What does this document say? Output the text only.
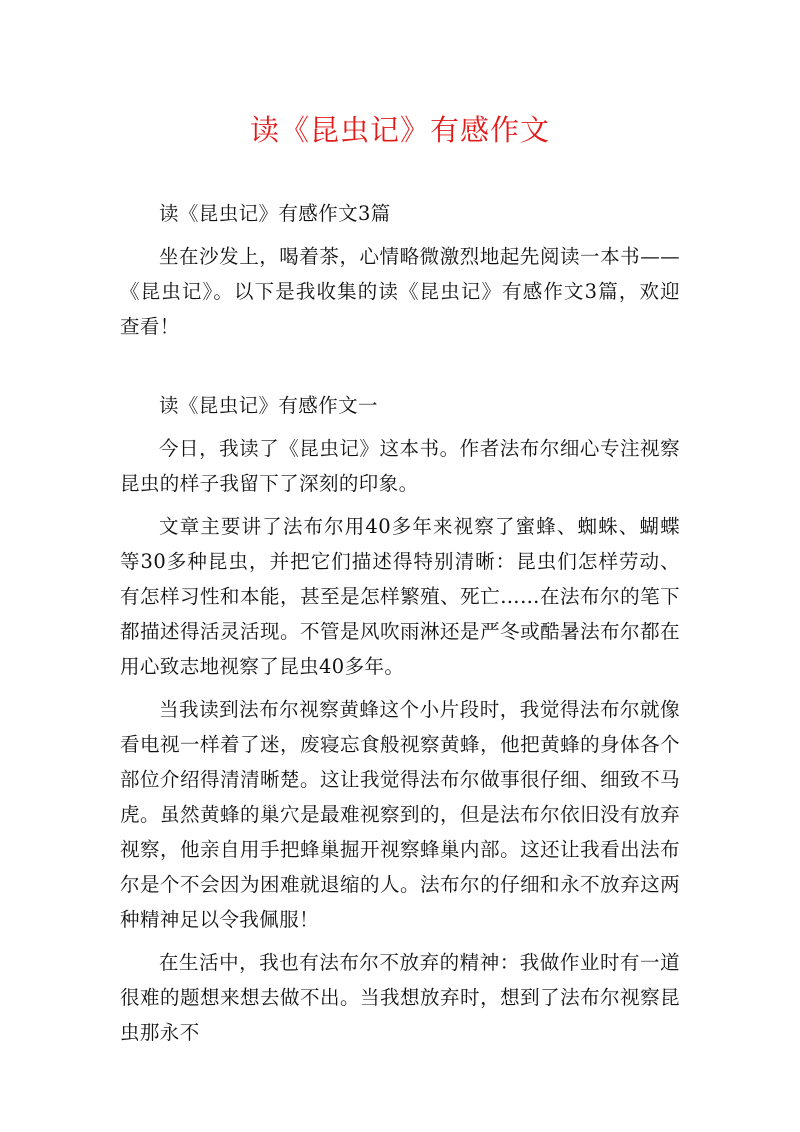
读《昆虫记》有感作文

读《昆虫记》有感作文3篇

坐在沙发上，喝着茶，心情略微激烈地起先阅读一本书——《昆虫记》。以下是我收集的读《昆虫记》有感作文3篇，欢迎查看！

读《昆虫记》有感作文一

今日，我读了《昆虫记》这本书。作者法布尔细心专注视察昆虫的样子我留下了深刻的印象。

文章主要讲了法布尔用40多年来视察了蜜蜂、蜘蛛、蝴蝶等30多种昆虫，并把它们描述得特别清晰：昆虫们怎样劳动、有怎样习性和本能，甚至是怎样繁殖、死亡……在法布尔的笔下都描述得活灵活现。不管是风吹雨淋还是严冬或酷暑法布尔都在用心致志地视察了昆虫40多年。

当我读到法布尔视察黄蜂这个小片段时，我觉得法布尔就像看电视一样着了迷，废寝忘食般视察黄蜂，他把黄蜂的身体各个部位介绍得清清晰楚。这让我觉得法布尔做事很仔细、细致不马虎。虽然黄蜂的巢穴是最难视察到的，但是法布尔依旧没有放弃视察，他亲自用手把蜂巢掘开视察蜂巢内部。这还让我看出法布尔是个不会因为困难就退缩的人。法布尔的仔细和永不放弃这两种精神足以令我佩服！

在生活中，我也有法布尔不放弃的精神：我做作业时有一道很难的题想来想去做不出。当我想放弃时，想到了法布尔视察昆虫那永不
